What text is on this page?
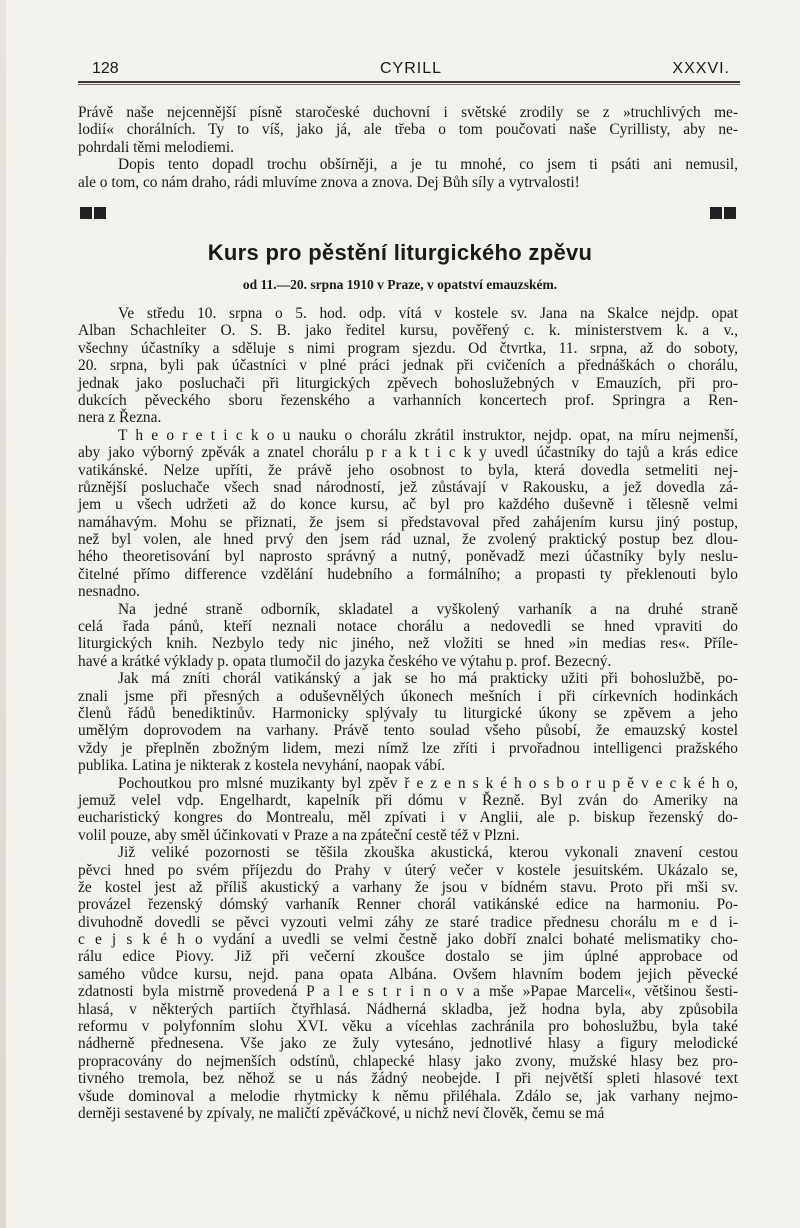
128	CYRILL	XXXVI.
Právě naše nejcennější písně staročeské duchovní i světské zrodily se z »truchlivých me-
lodií« chorálních. Ty to víš, jako já, ale třeba o tom poučovati naše Cyrillisty, aby ne-
pohrdali těmi melodiemi.
Dopis tento dopadl trochu obšírněji, a je tu mnohé, co jsem ti psáti ani nemusil,
ale o tom, co nám draho, rádi mluvíme znova a znova. Dej Bůh síly a vytrvalosti!
Kurs pro pěstění liturgického zpěvu
od 11.—20. srpna 1910 v Praze, v opatství emauzském.
Ve středu 10. srpna o 5. hod. odp. vítá v kostele sv. Jana na Skalce nejdp. opat
Alban Schachleiter O. S. B. jako ředitel kursu, pověřený c. k. ministerstvem k. a v.,
všechny účastníky a sděluje s nimi program sjezdu. Od čtvrtka, 11. srpna, až do soboty,
20. srpna, byli pak účastníci v plné práci jednak při cvičeních a přednáškách o chorálu,
jednak jako posluchači při liturgických zpěvech bohoslužebných v Emauzích, při pro-
dukcích pěveckého sboru řezenského a varhanních koncertech prof. Springra a Ren-
nera z Řezna.
T h e o r e t i c k o u nauku o chorálu zkrátil instruktor, nejdp. opat, na míru nejmenší,
aby jako výborný zpěvák a znatel chorálu p r a k t i c k y uvedl účastníky do tajů a krás edice
vatikánské. Nelze upříti, že právě jeho osobnost to byla, která dovedla setmeliti nej-
různější posluchače všech snad národností, jež zůstávají v Rakousku, a jež dovedla zá-
jem u všech udržeti až do konce kursu, ač byl pro každého duševně i tělesně velmi
namáhavým. Mohu se přiznati, že jsem si představoval před zahájením kursu jiný postup,
než byl volen, ale hned prvý den jsem rád uznal, že zvolený praktický postup bez dlou-
hého theoretisování byl naprosto správný a nutný, poněvadž mezi účastníky byly neslu-
čitelné přímo difference vzdělání hudebního a formálního; a propasti ty překlenouti bylo
nesnadno.
Na jedné straně odborník, skladatel a vyškolený varhaník a na druhé straně
celá řada pánů, kteří neznali notace chorálu a nedovedli se hned vpraviti do
liturgických knih. Nezbylo tedy nic jiného, než vložiti se hned »in medias res«. Příle-
havé a krátké výklady p. opata tlumočil do jazyka českého ve výtahu p. prof. Bezecný.
Jak má zníti chorál vatikánský a jak se ho má prakticky užiti při bohoslužbě, po-
znali jsme při přesných a oduševnělých úkonech mešních i při církevních hodinkách
členů řádů benediktinův. Harmonicky splývaly tu liturgické úkony se zpěvem a jeho
umělým doprovodem na varhany. Právě tento soulad všeho působí, že emauzský kostel
vždy je přeplněn zbožným lidem, mezi nímž lze zříti i prvořadnou intelligenci pražského
publika. Latina je nikterak z kostela nevyhání, naopak vábí.
Pochoutkou pro mlsné muzikanty byl zpěv ř e z e n s k é h o s b o r u p ě v e c k é h o,
jemuž velel vdp. Engelhardt, kapelník při dómu v Řezně. Byl zván do Ameriky na
eucharistický kongres do Montrealu, měl zpívati i v Anglii, ale p. biskup řezenský do-
volil pouze, aby směl účinkovati v Praze a na zpáteční cestě též v Plzni.
Již veliké pozornosti se těšila zkouška akustická, kterou vykonali znavení cestou
pěvci hned po svém příjezdu do Prahy v úterý večer v kostele jesuitském. Ukázalo se,
že kostel jest až příliš akustický a varhany že jsou v bídném stavu. Proto při mši sv.
provázel řezenský dómský varhaník Renner chorál vatikánské edice na harmoniu. Po-
divuhodně dovedli se pěvci vyzouti velmi záhy ze staré tradice přednesu chorálu m e d i-
c e j s k é h o vydání a uvedli se velmi čestně jako dobří znalci bohaté melismatiky cho-
rálu edice Piovy. Již při večerní zkoušce dostalo se jim úplné approbace od
samého vůdce kursu, nejd. pana opata Albána. Ovšem hlavním bodem jejich pěvecké
zdatnosti byla mistrně provedená P a l e s t r i n o v a mše »Papae Marceli«, většinou šesti-
hlasá, v některých partiích čtyřhlasá. Nádherná skladba, jež hodna byla, aby způsobila
reformu v polyfonním slohu XVI. věku a vícehlas zachránila pro bohoslužbu, byla také
nádherně přednesena. Vše jako ze žuly vytesáno, jednotlivé hlasy a figury melodické
propracovány do nejmenších odstínů, chlapecké hlasy jako zvony, mužské hlasy bez pro-
tivného tremola, bez něhož se u nás žádný neobejde. I při největší spleti hlasové text
všude dominoval a melodie rhytmicky k němu přiléhala. Zdálo se, jak varhany nejmo-
derněji sestavené by zpívaly, ne maličtí zpěváčkové, u nichž neví člověk, čemu se má
